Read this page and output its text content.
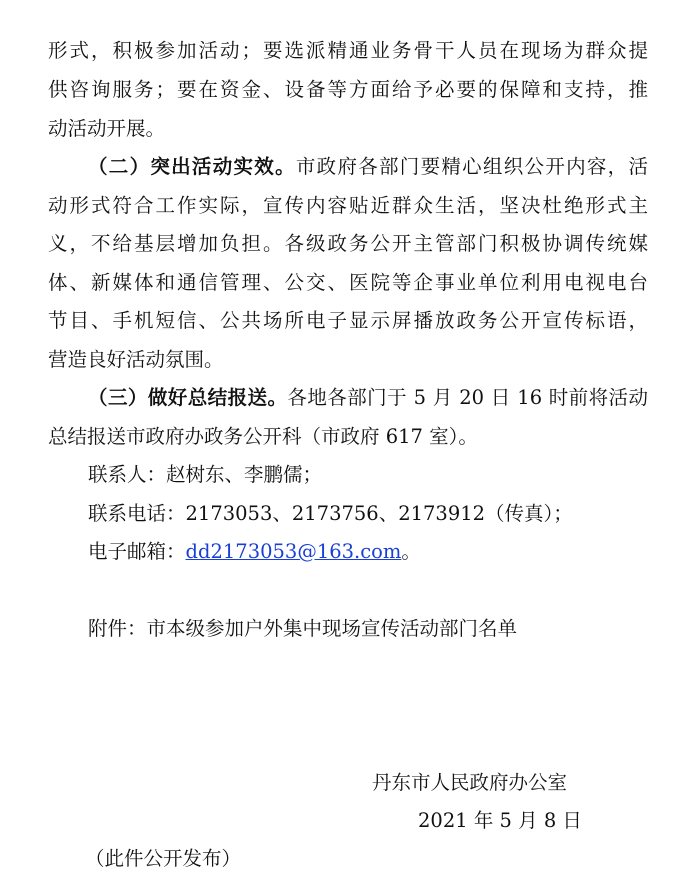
形式，积极参加活动；要选派精通业务骨干人员在现场为群众提
供咨询服务；要在资金、设备等方面给予必要的保障和支持，推
动活动开展。
（二）突出活动实效。市政府各部门要精心组织公开内容，活
动形式符合工作实际，宣传内容贴近群众生活，坚决杜绝形式主
义，不给基层增加负担。各级政务公开主管部门积极协调传统媒
体、新媒体和通信管理、公交、医院等企事业单位利用电视电台
节目、手机短信、公共场所电子显示屏播放政务公开宣传标语，
营造良好活动氛围。
（三）做好总结报送。各地各部门于 5 月 20 日 16 时前将活动
总结报送市政府办政务公开科（市政府 617 室）。
联系人：赵树东、李鹏儒；
联系电话：2173053、2173756、2173912（传真）；
电子邮箱：dd2173053@163.com。
附件：市本级参加户外集中现场宣传活动部门名单
丹东市人民政府办公室
2021 年 5 月 8 日
（此件公开发布）
